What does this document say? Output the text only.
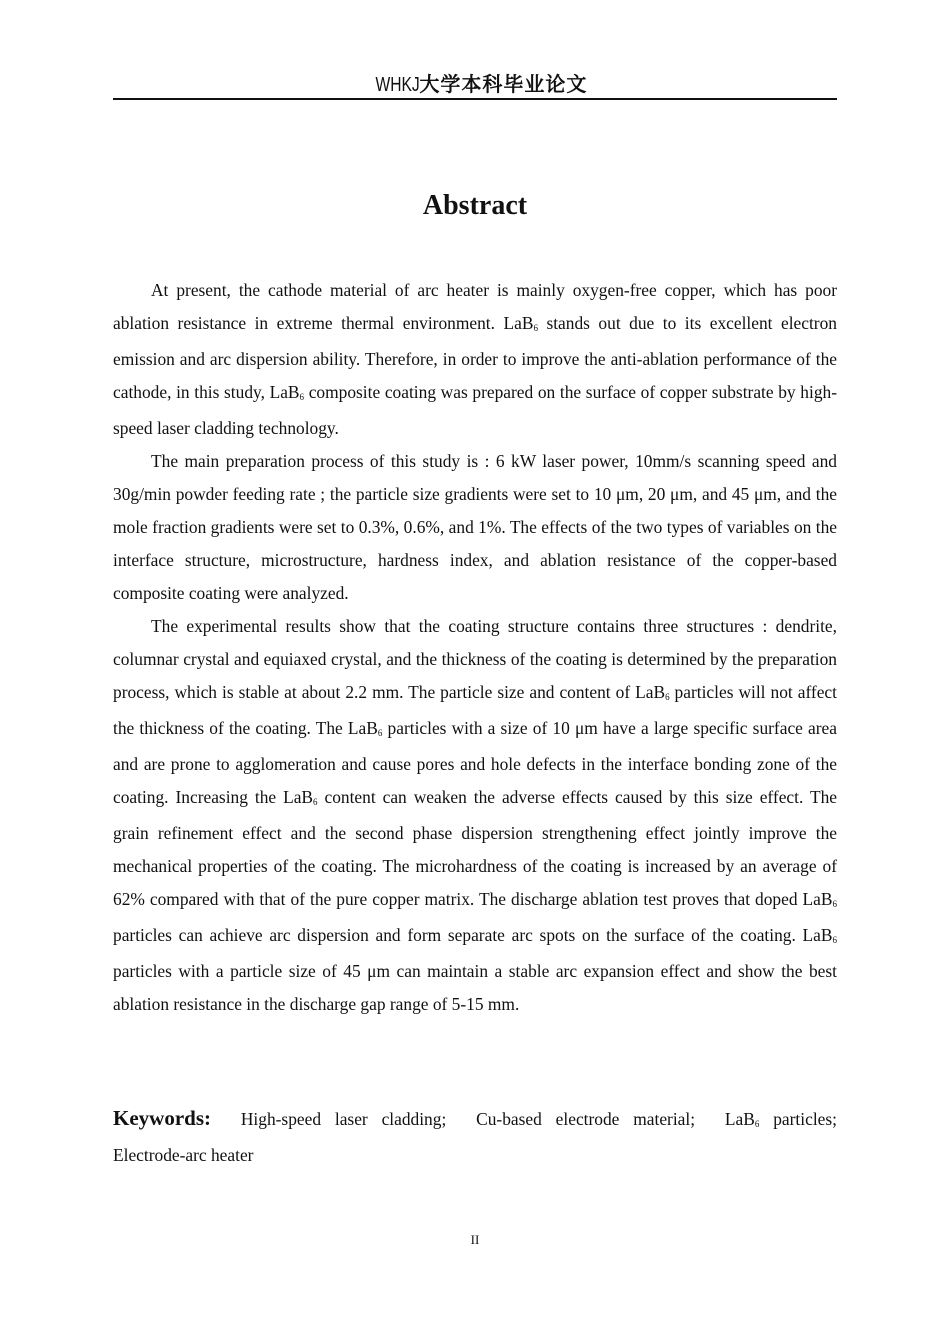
WHKJ大学本科毕业论文
Abstract

At present, the cathode material of arc heater is mainly oxygen-free copper, which has poor ablation resistance in extreme thermal environment. LaB$_6$ stands out due to its excellent electron emission and arc dispersion ability. Therefore, in order to improve the anti-ablation performance of the cathode, in this study, LaB$_6$ composite coating was prepared on the surface of copper substrate by high-speed laser cladding technology.

The main preparation process of this study is : 6 kW laser power, 10mm/s scanning speed and 30g/min powder feeding rate ; the particle size gradients were set to 10 μm, 20 μm, and 45 μm, and the mole fraction gradients were set to 0.3%, 0.6%, and 1%. The effects of the two types of variables on the interface structure, microstructure, hardness index, and ablation resistance of the copper-based composite coating were analyzed.

The experimental results show that the coating structure contains three structures : dendrite, columnar crystal and equiaxed crystal, and the thickness of the coating is determined by the preparation process, which is stable at about 2.2 mm. The particle size and content of LaB$_6$ particles will not affect the thickness of the coating. The LaB$_6$ particles with a size of 10 μm have a large specific surface area and are prone to agglomeration and cause pores and hole defects in the interface bonding zone of the coating. Increasing the LaB$_6$ content can weaken the adverse effects caused by this size effect. The grain refinement effect and the second phase dispersion strengthening effect jointly improve the mechanical properties of the coating. The microhardness of the coating is increased by an average of 62% compared with that of the pure copper matrix. The discharge ablation test proves that doped LaB$_6$ particles can achieve arc dispersion and form separate arc spots on the surface of the coating. LaB$_6$ particles with a particle size of 45 μm can maintain a stable arc expansion effect and show the best ablation resistance in the discharge gap range of 5-15 mm.

Keywords: High-speed laser cladding; Cu-based electrode material; LaB$_6$ particles; Electrode-arc heater
II
